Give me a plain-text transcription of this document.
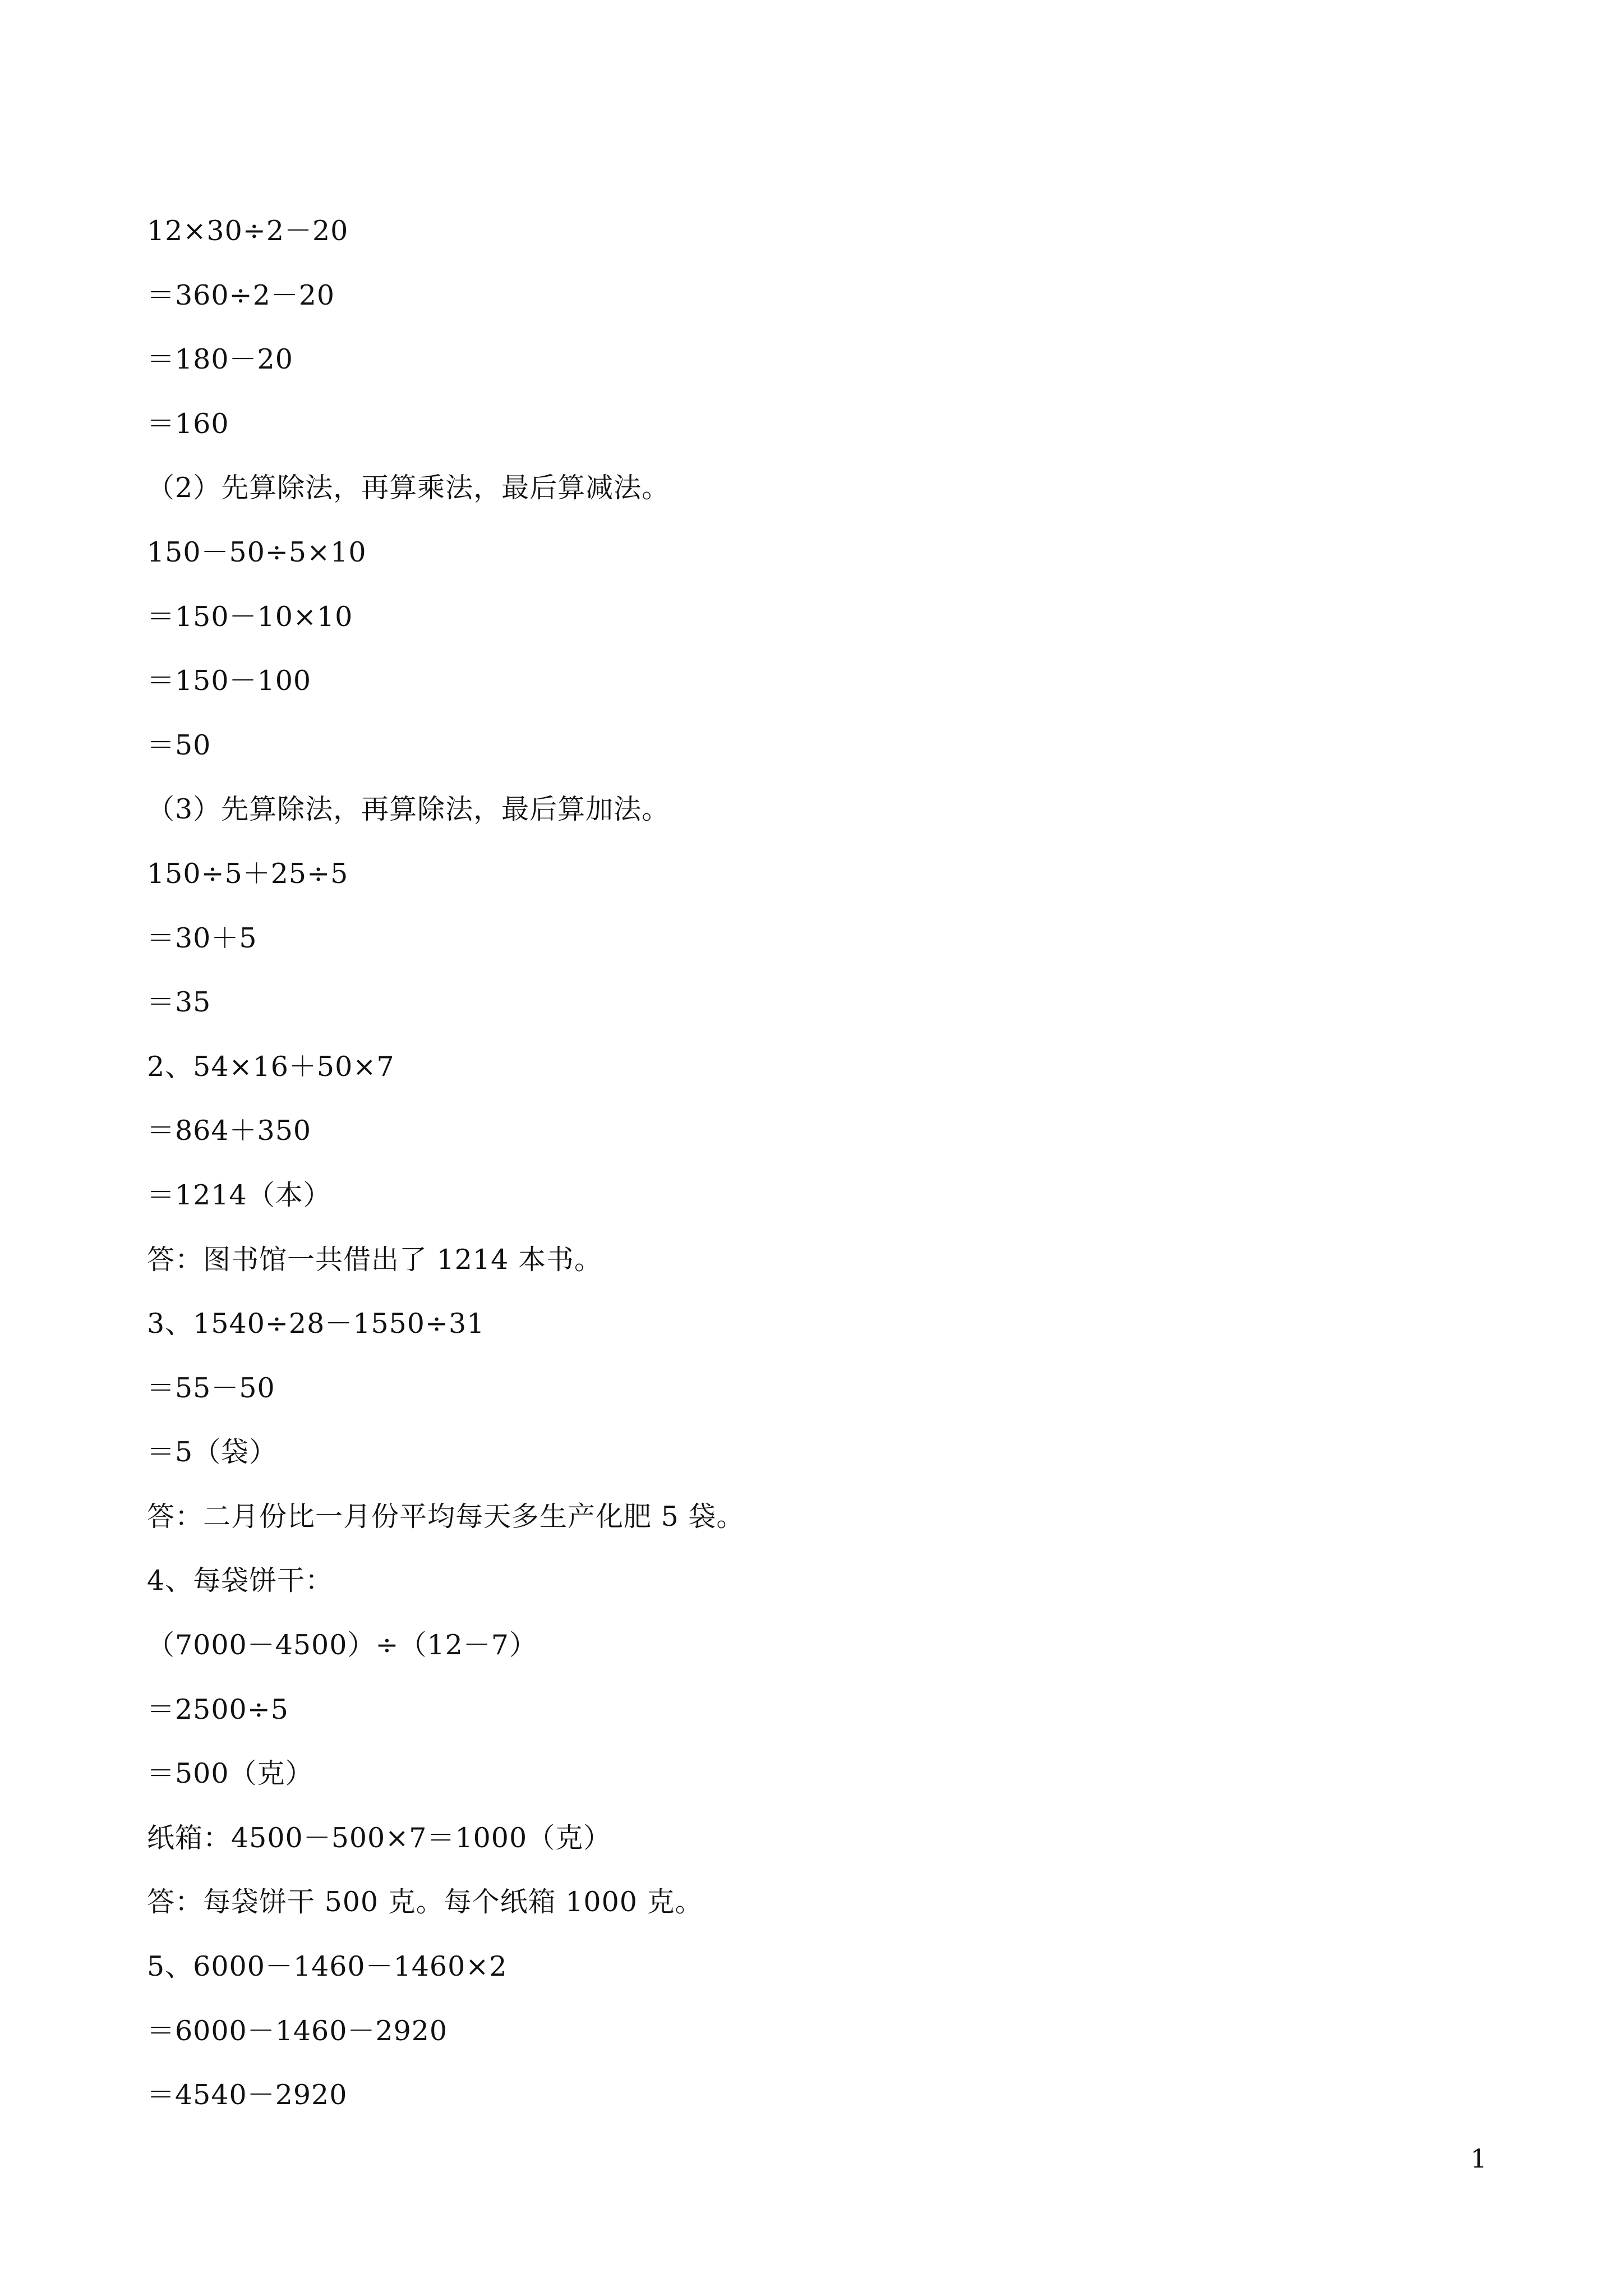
12×30÷2－20
＝360÷2－20
＝180－20
＝160
（2）先算除法，再算乘法，最后算减法。
150－50÷5×10
＝150－10×10
＝150－100
＝50
（3）先算除法，再算除法，最后算加法。
150÷5＋25÷5
＝30＋5
＝35
2、54×16＋50×7
＝864＋350
＝1214（本）
答：图书馆一共借出了 1214 本书。
3、1540÷28－1550÷31
＝55－50
＝5（袋）
答：二月份比一月份平均每天多生产化肥 5 袋。
4、每袋饼干：
（7000－4500）÷（12－7）
＝2500÷5
＝500（克）
纸箱：4500－500×7＝1000（克）
答：每袋饼干 500 克。每个纸箱 1000 克。
5、6000－1460－1460×2
＝6000－1460－2920
＝4540－2920
1
